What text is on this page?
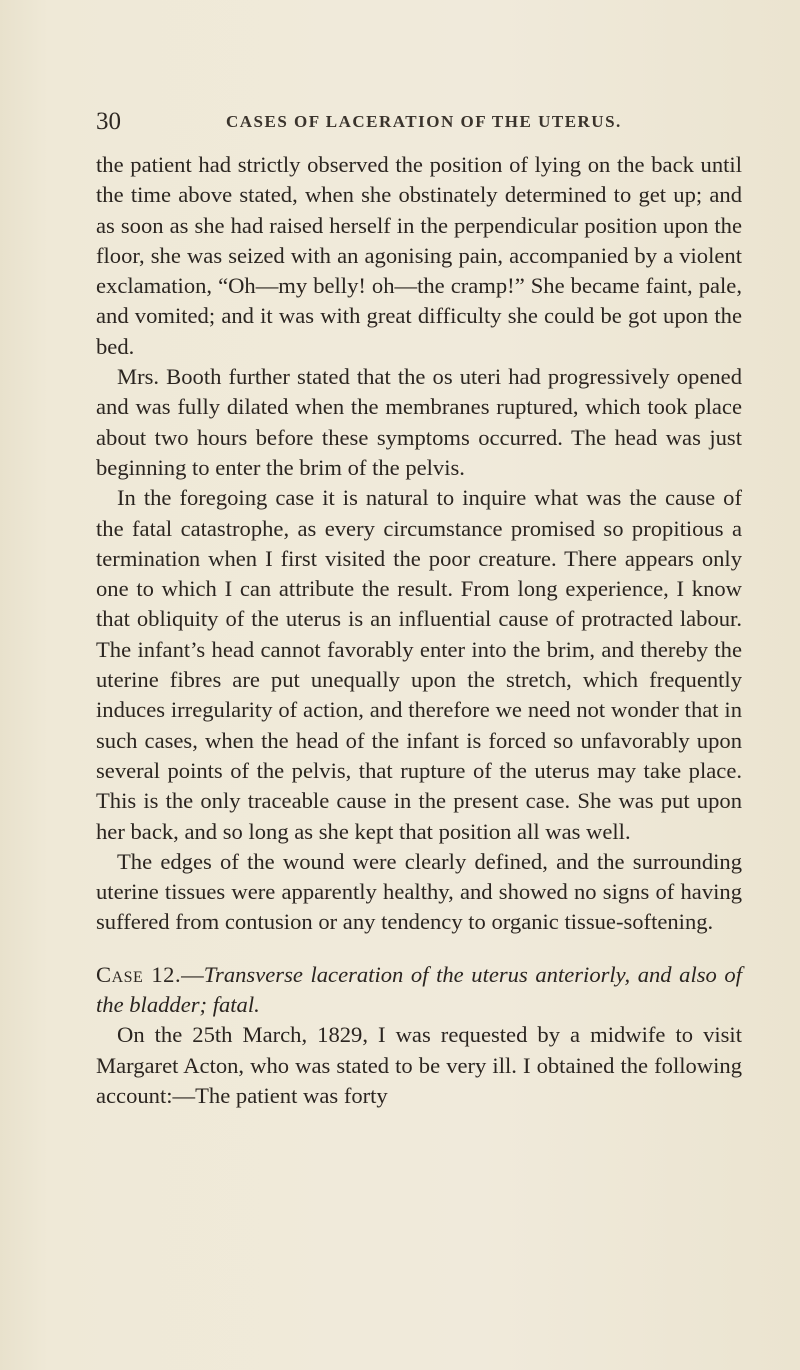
30	CASES OF LACERATION OF THE UTERUS.

the patient had strictly observed the position of lying on the back until the time above stated, when she obstinately determined to get up; and as soon as she had raised herself in the perpendicular position upon the floor, she was seized with an agonising pain, accompanied by a violent exclamation, “Oh—my belly! oh—the cramp!” She became faint, pale, and vomited; and it was with great difficulty she could be got upon the bed.

Mrs. Booth further stated that the os uteri had progressively opened and was fully dilated when the membranes ruptured, which took place about two hours before these symptoms occurred. The head was just beginning to enter the brim of the pelvis.

In the foregoing case it is natural to inquire what was the cause of the fatal catastrophe, as every circumstance promised so propitious a termination when I first visited the poor creature. There appears only one to which I can attribute the result. From long experience, I know that obliquity of the uterus is an influential cause of protracted labour. The infant’s head cannot favorably enter into the brim, and thereby the uterine fibres are put unequally upon the stretch, which frequently induces irregularity of action, and therefore we need not wonder that in such cases, when the head of the infant is forced so unfavorably upon several points of the pelvis, that rupture of the uterus may take place. This is the only traceable cause in the present case. She was put upon her back, and so long as she kept that position all was well.

The edges of the wound were clearly defined, and the surrounding uterine tissues were apparently healthy, and showed no signs of having suffered from contusion or any tendency to organic tissue-softening.

Case 12.—Transverse laceration of the uterus anteriorly, and also of the bladder; fatal.

On the 25th March, 1829, I was requested by a midwife to visit Margaret Acton, who was stated to be very ill. I obtained the following account:—The patient was forty
